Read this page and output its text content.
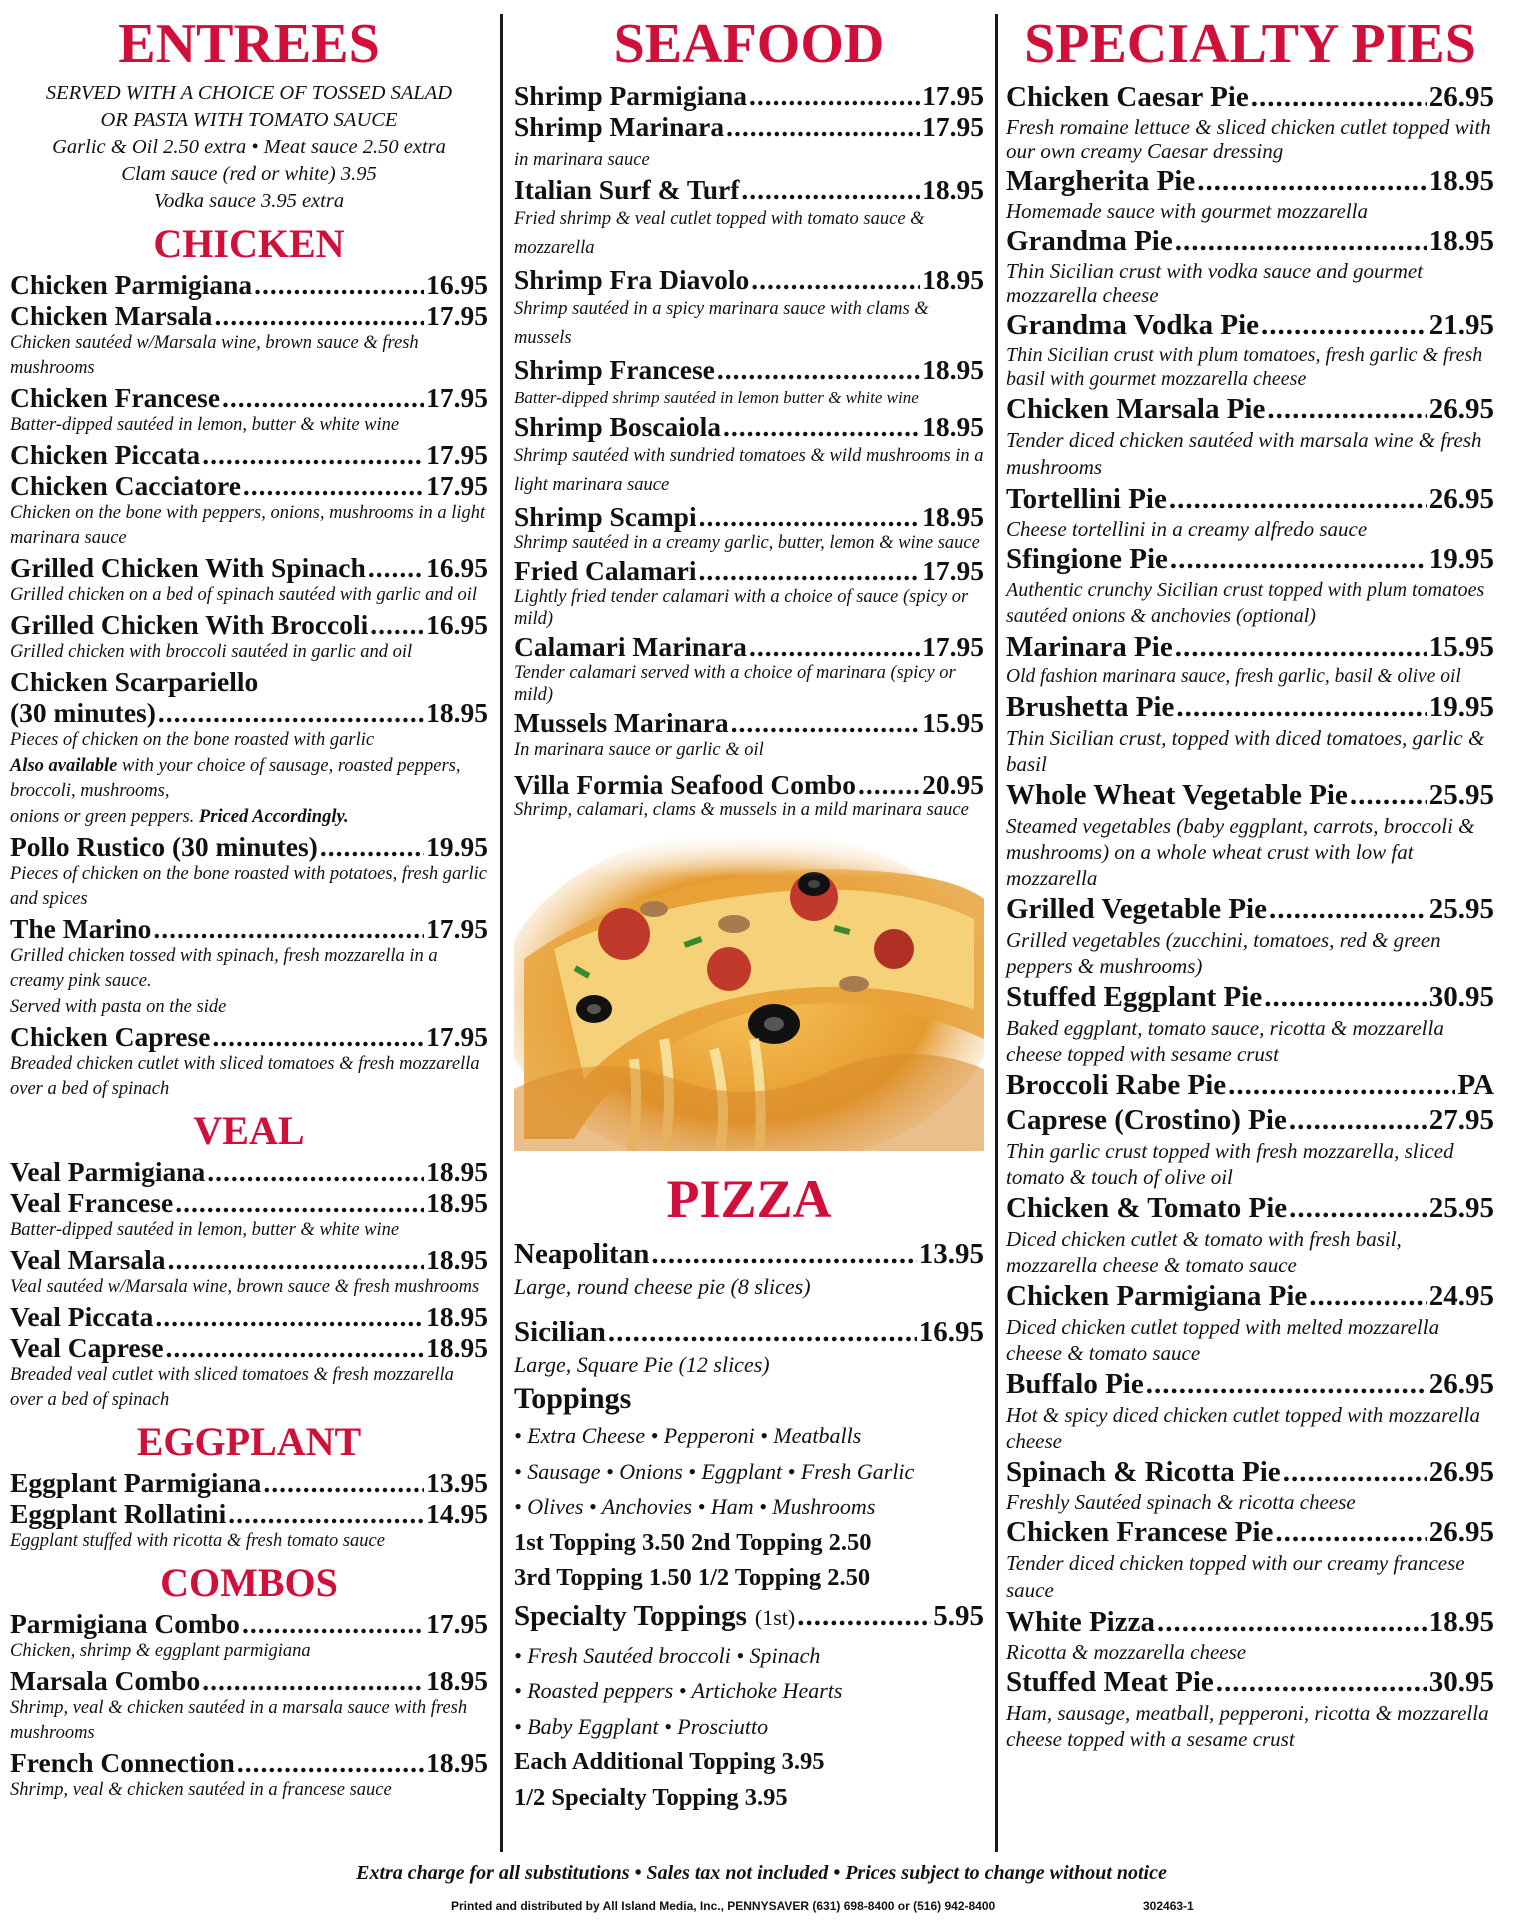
ENTREES
SERVED WITH A CHOICE OF TOSSED SALAD
OR PASTA WITH TOMATO SAUCE
Garlic & Oil 2.50 extra • Meat sauce 2.50 extra
Clam sauce (red or white) 3.95
Vodka sauce 3.95 extra
CHICKEN
Chicken Parmigiana .....	16.95
Chicken Marsala .....	17.95
Chicken sautéed w/Marsala wine, brown sauce & fresh mushrooms
Chicken Francese .....	17.95
Batter-dipped sautéed in lemon, butter & white wine
Chicken Piccata .....	17.95
Chicken Cacciatore .....	17.95
Chicken on the bone with peppers, onions, mushrooms in a light marinara sauce
Grilled Chicken With Spinach ..... 16.95
Grilled chicken on a bed of spinach sautéed with garlic and oil
Grilled Chicken With Broccoli ..... 16.95
Grilled chicken with broccoli sautéed in garlic and oil
Chicken Scarpariello
(30 minutes) .....	18.95
Pieces of chicken on the bone roasted with garlic
Also available with your choice of sausage, roasted peppers, broccoli, mushrooms,
onions or green peppers. Priced Accordingly.
Pollo Rustico (30 minutes) .....	19.95
Pieces of chicken on the bone roasted with potatoes, fresh garlic and spices
The Marino .....	17.95
Grilled chicken tossed with spinach, fresh mozzarella in a creamy pink sauce.
Served with pasta on the side
Chicken Caprese .....	17.95
Breaded chicken cutlet with sliced tomatoes & fresh mozzarella over a bed of spinach
VEAL
Veal Parmigiana .....	18.95
Veal Francese .....	18.95
Batter-dipped sautéed in lemon, butter & white wine
Veal Marsala .....	18.95
Veal sautéed w/Marsala wine, brown sauce & fresh mushrooms
Veal Piccata .....	18.95
Veal Caprese .....	18.95
Breaded veal cutlet with sliced tomatoes & fresh mozzarella over a bed of spinach
EGGPLANT
Eggplant Parmigiana .....	13.95
Eggplant Rollatini .....	14.95
Eggplant stuffed with ricotta & fresh tomato sauce
COMBOS
Parmigiana Combo .....	17.95
Chicken, shrimp & eggplant parmigiana
Marsala Combo .....	18.95
Shrimp, veal & chicken sautéed in a marsala sauce with fresh mushrooms
French Connection .....	18.95
Shrimp, veal & chicken sautéed in a francese sauce
SEAFOOD
Shrimp Parmigiana .....	17.95
Shrimp Marinara .....	17.95
in marinara sauce
Italian Surf & Turf .....	18.95
Fried shrimp & veal cutlet topped with tomato sauce & mozzarella
Shrimp Fra Diavolo .....	18.95
Shrimp sautéed in a spicy marinara sauce with clams & mussels
Shrimp Francese .....	18.95
Batter-dipped shrimp sautéed in lemon butter & white wine
Shrimp Boscaiola .....	18.95
Shrimp sautéed with sundried tomatoes & wild mushrooms in a light marinara sauce
Shrimp Scampi .....	18.95
Shrimp sautéed in a creamy garlic, butter, lemon & wine sauce
Fried Calamari .....	17.95
Lightly fried tender calamari with a choice of sauce (spicy or mild)
Calamari Marinara .....	17.95
Tender calamari served with a choice of marinara (spicy or mild)
Mussels Marinara .....	15.95
In marinara sauce or garlic & oil
Villa Formia Seafood Combo ..... 20.95
Shrimp, calamari, clams & mussels in a mild marinara sauce
PIZZA
Neapolitan .....	13.95
Large, round cheese pie (8 slices)
Sicilian .....	16.95
Large, Square Pie (12 slices)
Toppings
• Extra Cheese • Pepperoni • Meatballs
• Sausage • Onions • Eggplant • Fresh Garlic
• Olives • Anchovies • Ham • Mushrooms
1st Topping 3.50 2nd Topping 2.50
3rd Topping 1.50 1/2 Topping 2.50
Specialty Toppings (1st) .....	5.95
• Fresh Sautéed broccoli • Spinach
• Roasted peppers • Artichoke Hearts
• Baby Eggplant • Prosciutto
Each Additional Topping 3.95
1/2 Specialty Topping 3.95
SPECIALTY PIES
Chicken Caesar Pie .....	26.95
Fresh romaine lettuce & sliced chicken cutlet topped with our own creamy Caesar dressing
Margherita Pie .....	18.95
Homemade sauce with gourmet mozzarella
Grandma Pie .....	18.95
Thin Sicilian crust with vodka sauce and gourmet mozzarella cheese
Grandma Vodka Pie .....	21.95
Thin Sicilian crust with plum tomatoes, fresh garlic & fresh basil with gourmet mozzarella cheese
Chicken Marsala Pie .....	26.95
Tender diced chicken sautéed with marsala wine & fresh mushrooms
Tortellini Pie .....	26.95
Cheese tortellini in a creamy alfredo sauce
Sfingione Pie .....	19.95
Authentic crunchy Sicilian crust topped with plum tomatoes sautéed onions & anchovies (optional)
Marinara Pie .....	15.95
Old fashion marinara sauce, fresh garlic, basil & olive oil
Brushetta Pie .....	19.95
Thin Sicilian crust, topped with diced tomatoes, garlic & basil
Whole Wheat Vegetable Pie .....	25.95
Steamed vegetables (baby eggplant, carrots, broccoli & mushrooms) on a whole wheat crust with low fat mozzarella
Grilled Vegetable Pie .....	25.95
Grilled vegetables (zucchini, tomatoes, red & green peppers & mushrooms)
Stuffed Eggplant Pie .....	30.95
Baked eggplant, tomato sauce, ricotta & mozzarella cheese topped with sesame crust
Broccoli Rabe Pie .....	PA
Caprese (Crostino) Pie .....	27.95
Thin garlic crust topped with fresh mozzarella, sliced tomato & touch of olive oil
Chicken & Tomato Pie .....	25.95
Diced chicken cutlet & tomato with fresh basil, mozzarella cheese & tomato sauce
Chicken Parmigiana Pie .....	24.95
Diced chicken cutlet topped with melted mozzarella cheese & tomato sauce
Buffalo Pie .....	26.95
Hot & spicy diced chicken cutlet topped with mozzarella cheese
Spinach & Ricotta Pie .....	26.95
Freshly Sautéed spinach & ricotta cheese
Chicken Francese Pie .....	26.95
Tender diced chicken topped with our creamy francese sauce
White Pizza .....	18.95
Ricotta & mozzarella cheese
Stuffed Meat Pie .....	30.95
Ham, sausage, meatball, pepperoni, ricotta & mozzarella cheese topped with a sesame crust
Extra charge for all substitutions • Sales tax not included • Prices subject to change without notice
Printed and distributed by All Island Media, Inc., PENNYSAVER (631) 698-8400 or (516) 942-8400	302463-1
